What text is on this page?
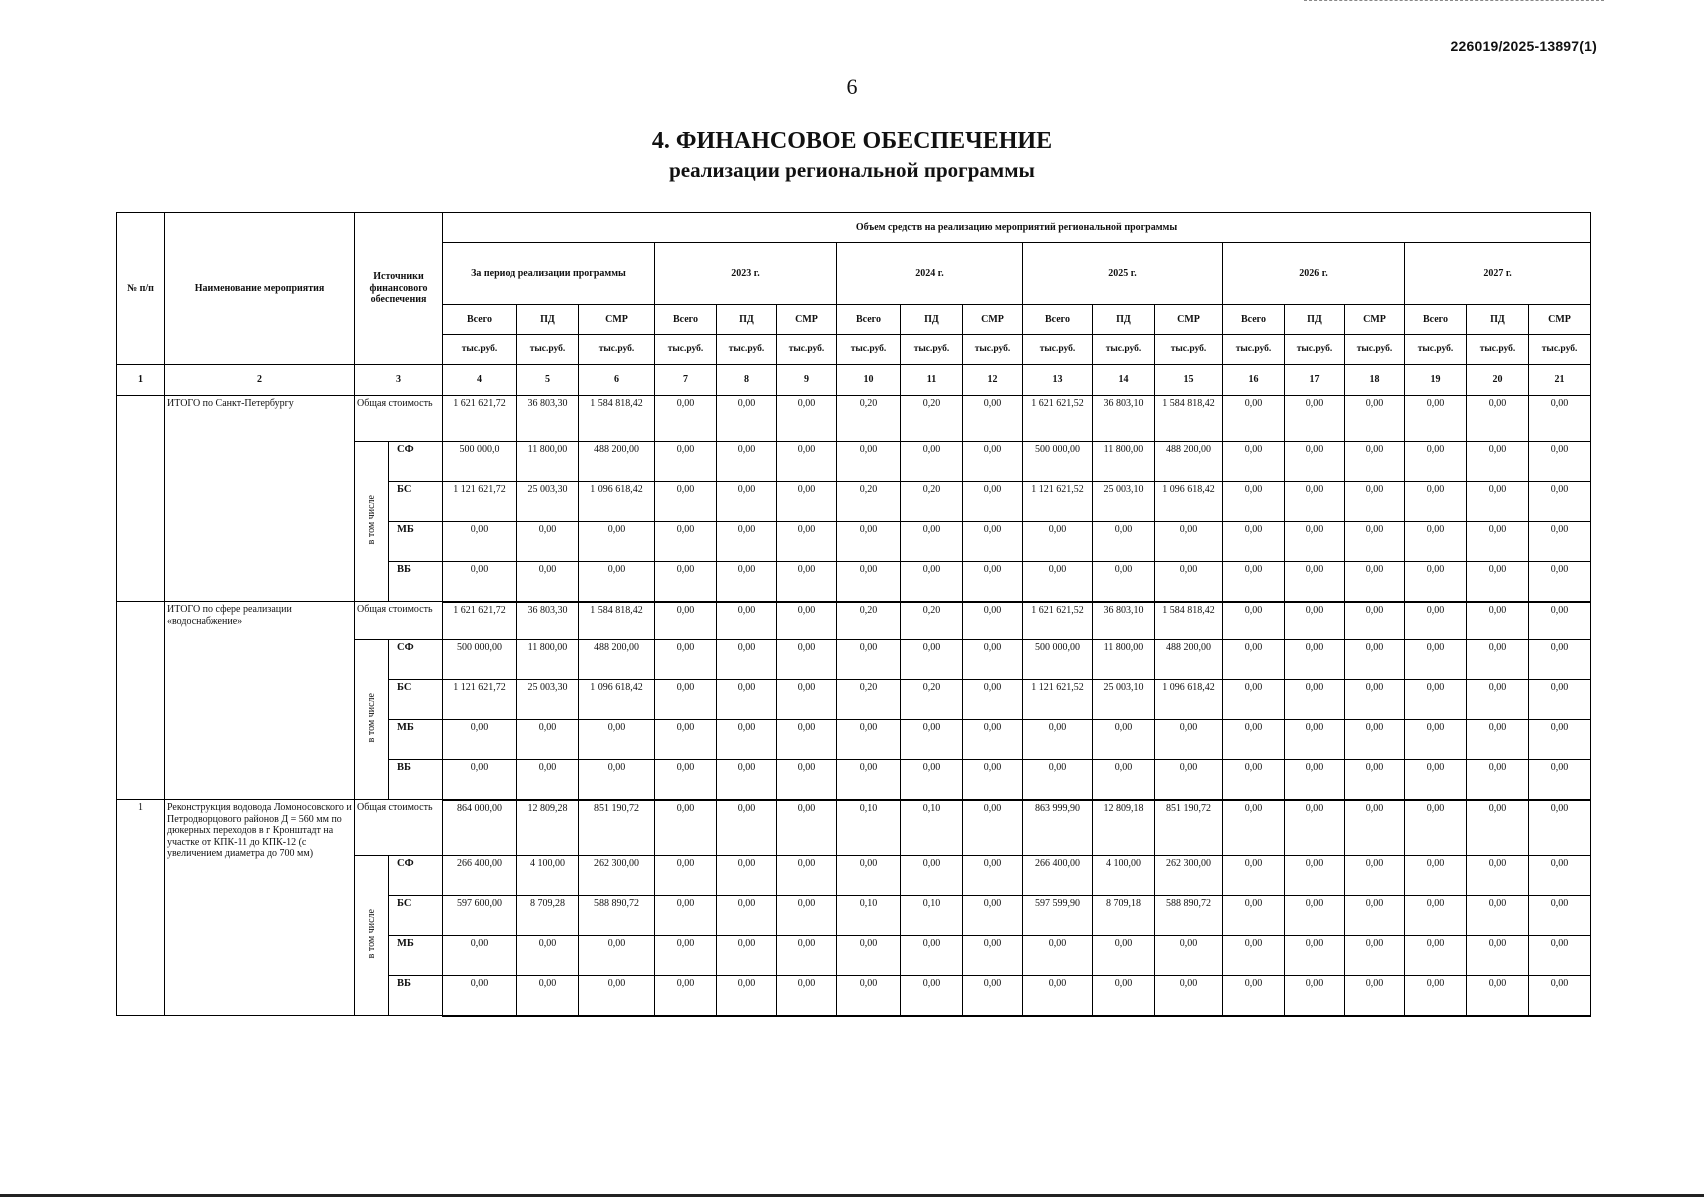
226019/2025-13897(1)
6
4. ФИНАНСОВОЕ ОБЕСПЕЧЕНИЕ
реализации региональной программы
№ п/п	Наименование мероприятия	Источники финансового обеспечения		Объем средств на реализацию мероприятий региональной программы																	
				За период реализации программы			2023 г.			2024 г.			2025 г.			2026 г.			2027 г.		
				Всего	ПД	СМР	Всего	ПД	СМР	Всего	ПД	СМР	Всего	ПД	СМР	Всего	ПД	СМР	Всего	ПД	СМР
				тыс.руб.	тыс.руб.	тыс.руб.	тыс.руб.	тыс.руб.	тыс.руб.	тыс.руб.	тыс.руб.	тыс.руб.	тыс.руб.	тыс.руб.	тыс.руб.	тыс.руб.	тыс.руб.	тыс.руб.	тыс.руб.	тыс.руб.	тыс.руб.
1	2	3		4	5	6	7	8	9	10	11	12	13	14	15	16	17	18	19	20	21
	ИТОГО по Санкт-Петербургу	Общая стоимость		1 621 621,72	36 803,30	1 584 818,42	0,00	0,00	0,00	0,20	0,20	0,00	1 621 621,52	36 803,10	1 584 818,42	0,00	0,00	0,00	0,00	0,00	0,00
		в том числе	СФ	500 000,0	11 800,00	488 200,00	0,00	0,00	0,00	0,00	0,00	0,00	500 000,00	11 800,00	488 200,00	0,00	0,00	0,00	0,00	0,00	0,00
			БС	1 121 621,72	25 003,30	1 096 618,42	0,00	0,00	0,00	0,20	0,20	0,00	1 121 621,52	25 003,10	1 096 618,42	0,00	0,00	0,00	0,00	0,00	0,00
			МБ	0,00	0,00	0,00	0,00	0,00	0,00	0,00	0,00	0,00	0,00	0,00	0,00	0,00	0,00	0,00	0,00	0,00	0,00
			ВБ	0,00	0,00	0,00	0,00	0,00	0,00	0,00	0,00	0,00	0,00	0,00	0,00	0,00	0,00	0,00	0,00	0,00	0,00
	ИТОГО по сфере реализации «водоснабжение»	Общая стоимость		1 621 621,72	36 803,30	1 584 818,42	0,00	0,00	0,00	0,20	0,20	0,00	1 621 621,52	36 803,10	1 584 818,42	0,00	0,00	0,00	0,00	0,00	0,00
		в том числе	СФ	500 000,00	11 800,00	488 200,00	0,00	0,00	0,00	0,00	0,00	0,00	500 000,00	11 800,00	488 200,00	0,00	0,00	0,00	0,00	0,00	0,00
			БС	1 121 621,72	25 003,30	1 096 618,42	0,00	0,00	0,00	0,20	0,20	0,00	1 121 621,52	25 003,10	1 096 618,42	0,00	0,00	0,00	0,00	0,00	0,00
			МБ	0,00	0,00	0,00	0,00	0,00	0,00	0,00	0,00	0,00	0,00	0,00	0,00	0,00	0,00	0,00	0,00	0,00	0,00
			ВБ	0,00	0,00	0,00	0,00	0,00	0,00	0,00	0,00	0,00	0,00	0,00	0,00	0,00	0,00	0,00	0,00	0,00	0,00
1	Реконструкция водовода Ломоносовского и Петродворцового районов Д = 560 мм по дюкерных переходов в г Кронштадт на участке от КПК-11 до КПК-12 (с увеличением диаметра до 700 мм)	Общая стоимость		864 000,00	12 809,28	851 190,72	0,00	0,00	0,00	0,10	0,10	0,00	863 999,90	12 809,18	851 190,72	0,00	0,00	0,00	0,00	0,00	0,00
		в том числе	СФ	266 400,00	4 100,00	262 300,00	0,00	0,00	0,00	0,00	0,00	0,00	266 400,00	4 100,00	262 300,00	0,00	0,00	0,00	0,00	0,00	0,00
			БС	597 600,00	8 709,28	588 890,72	0,00	0,00	0,00	0,10	0,10	0,00	597 599,90	8 709,18	588 890,72	0,00	0,00	0,00	0,00	0,00	0,00
			МБ	0,00	0,00	0,00	0,00	0,00	0,00	0,00	0,00	0,00	0,00	0,00	0,00	0,00	0,00	0,00	0,00	0,00	0,00
			ВБ	0,00	0,00	0,00	0,00	0,00	0,00	0,00	0,00	0,00	0,00	0,00	0,00	0,00	0,00	0,00	0,00	0,00	0,00
